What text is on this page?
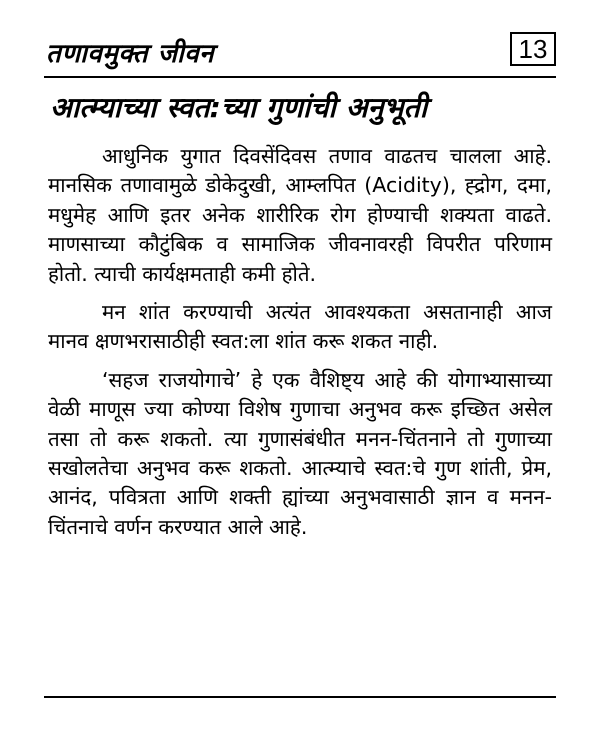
तणावमुक्त जीवन	13
आत्म्याच्या स्वत:च्या गुणांची अनुभूती

आधुनिक युगात दिवसेंदिवस तणाव वाढतच चालला आहे. मानसिक तणावामुळे डोकेदुखी, आम्लपित (Acidity), ह्द्रोग, दमा, मधुमेह आणि इतर अनेक शारीरिक रोग होण्याची शक्यता वाढते. माणसाच्या कौटुंबिक व सामाजिक जीवनावरही विपरीत परिणाम होतो. त्याची कार्यक्षमताही कमी होते.

मन शांत करण्याची अत्यंत आवश्यकता असतानाही आज मानव क्षणभरासाठीही स्वत:ला शांत करू शकत नाही.

‘सहज राजयोगाचे’ हे एक वैशिष्ट्य आहे की योगाभ्यासाच्या वेळी माणूस ज्या कोण्या विशेष गुणाचा अनुभव करू इच्छित असेल तसा तो करू शकतो. त्या गुणासंबंधीत मनन-चिंतनाने तो गुणाच्या सखोलतेचा अनुभव करू शकतो. आत्म्याचे स्वत:चे गुण शांती, प्रेम, आनंद, पवित्रता आणि शक्ती ह्यांच्या अनुभवासाठी ज्ञान व मनन-चिंतनाचे वर्णन करण्यात आले आहे.
